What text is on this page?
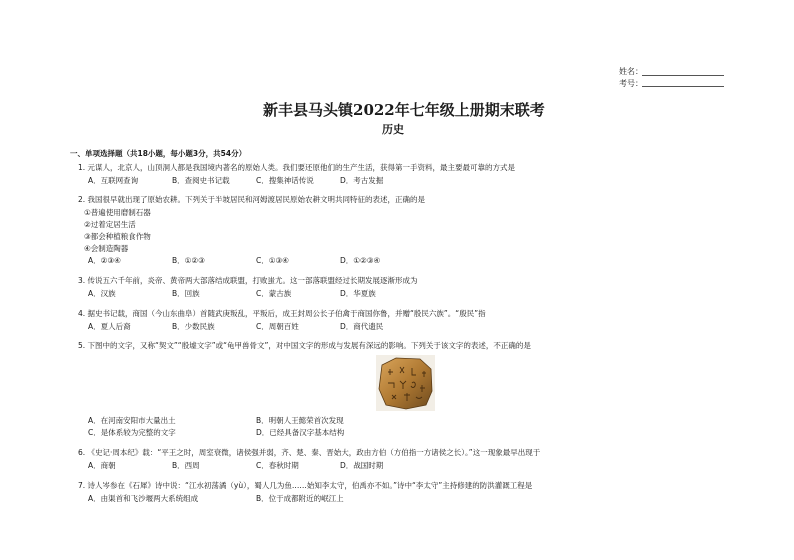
姓名：
考号：
新丰县马头镇2022年七年级上册期末联考
历史
一、单项选择题（共18小题，每小题3分，共54分）
1. 元谋人，北京人，山顶洞人都是我国境内著名的原始人类。我们要还原他们的生产生活，获得第一手资料，最主要最可靠的方式是
A．互联网查询	B．查阅史书记载	C．搜集神话传说	D．考古发掘
2. 我国很早就出现了原始农耕。下列关于半坡居民和河姆渡居民原始农耕文明共同特征的表述，正确的是
①普遍使用磨制石器
②过着定居生活
③都会种植粮食作物
④会制造陶器
A．②③④	B．①②③	C．①③④	D．①②③④
3. 传说五六千年前，炎帝、黄帝两大部落结成联盟，打败蚩尤。这一部落联盟经过长期发展逐渐形成为
A．汉族	B．回族	C．蒙古族	D．华夏族
4. 据史书记载，商国（今山东曲阜）首随武庚叛乱，平叛后，成王封周公长子伯禽于商国你鲁，并赠“殷民六族”。“殷民”指
A．夏人后裔	B．少数民族	C．周朝百姓	D．商代遗民
5. 下图中的文字，又称“契文”“殷墟文字”或“龟甲兽骨文”，对中国文字的形成与发展有深远的影响。下列关于该文字的表述，不正确的是
A．在河南安阳市大量出土	B．明朝人王懿荣首次发现
C．是体系较为完整的文字	D．已经具备汉字基本结构
6. 《史记·周本纪》载：“平王之时，周室衰微，诸侯强并弱，齐、楚、秦、晋始大，政由方伯（方伯指一方诸侯之长）。”这一现象最早出现于
A．商朝	B．西周	C．春秋时期	D．战国时期
7. 诗人岑参在《石犀》诗中说：“江水初荡潏（yù），蜀人几为鱼……始知李太守，伯禹亦不如。”诗中“李太守”主持修建的防洪灌溉工程是
A．由渠首和飞沙堰两大系统组成	B．位于成都附近的岷江上
